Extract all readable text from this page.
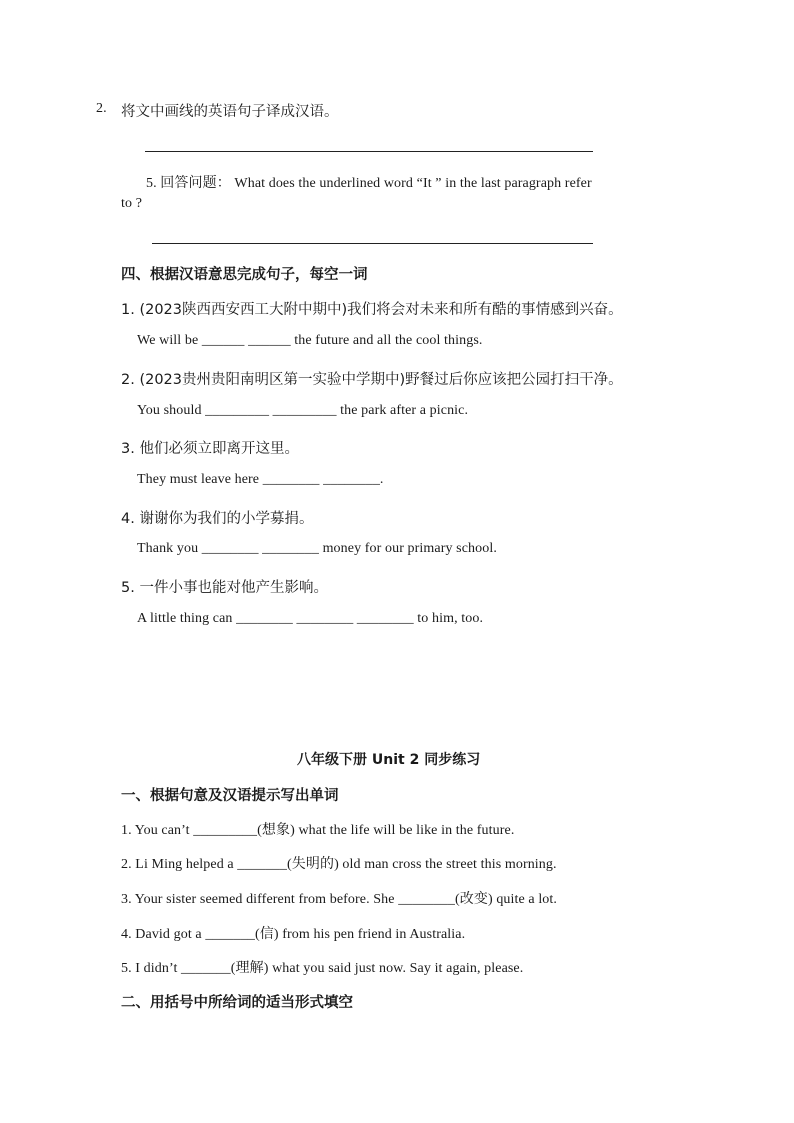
2. 将文中画线的英语句子译成汉语。
5. 回答问题： What does the underlined word “It ” in the last paragraph refer
to ?
四、根据汉语意思完成句子，每空一词
1. (2023陕西西安西工大附中期中)我们将会对未来和所有酷的事情感到兴奋。
We will be ______ ______ the future and all the cool things.
2. (2023贵州贵阳南明区第一实验中学期中)野餐过后你应该把公园打扫干净。
You should _________ _________ the park after a picnic.
3. 他们必须立即离开这里。
They must leave here ________ ________.
4. 谢谢你为我们的小学募捐。
Thank you ________ ________ money for our primary school.
5. 一件小事也能对他产生影响。
A little thing can ________ ________ ________ to him, too.
八年级下册 Unit 2 同步练习
一、根据句意及汉语提示写出单词
1. You can’t _________(想象) what the life will be like in the future.
2. Li Ming helped a _______(失明的) old man cross the street this morning.
3. Your sister seemed different from before. She ________(改变) quite a lot.
4. David got a _______(信) from his pen friend in Australia.
5. I didn’t _______(理解) what you said just now. Say it again, please.
二、用括号中所给词的适当形式填空
